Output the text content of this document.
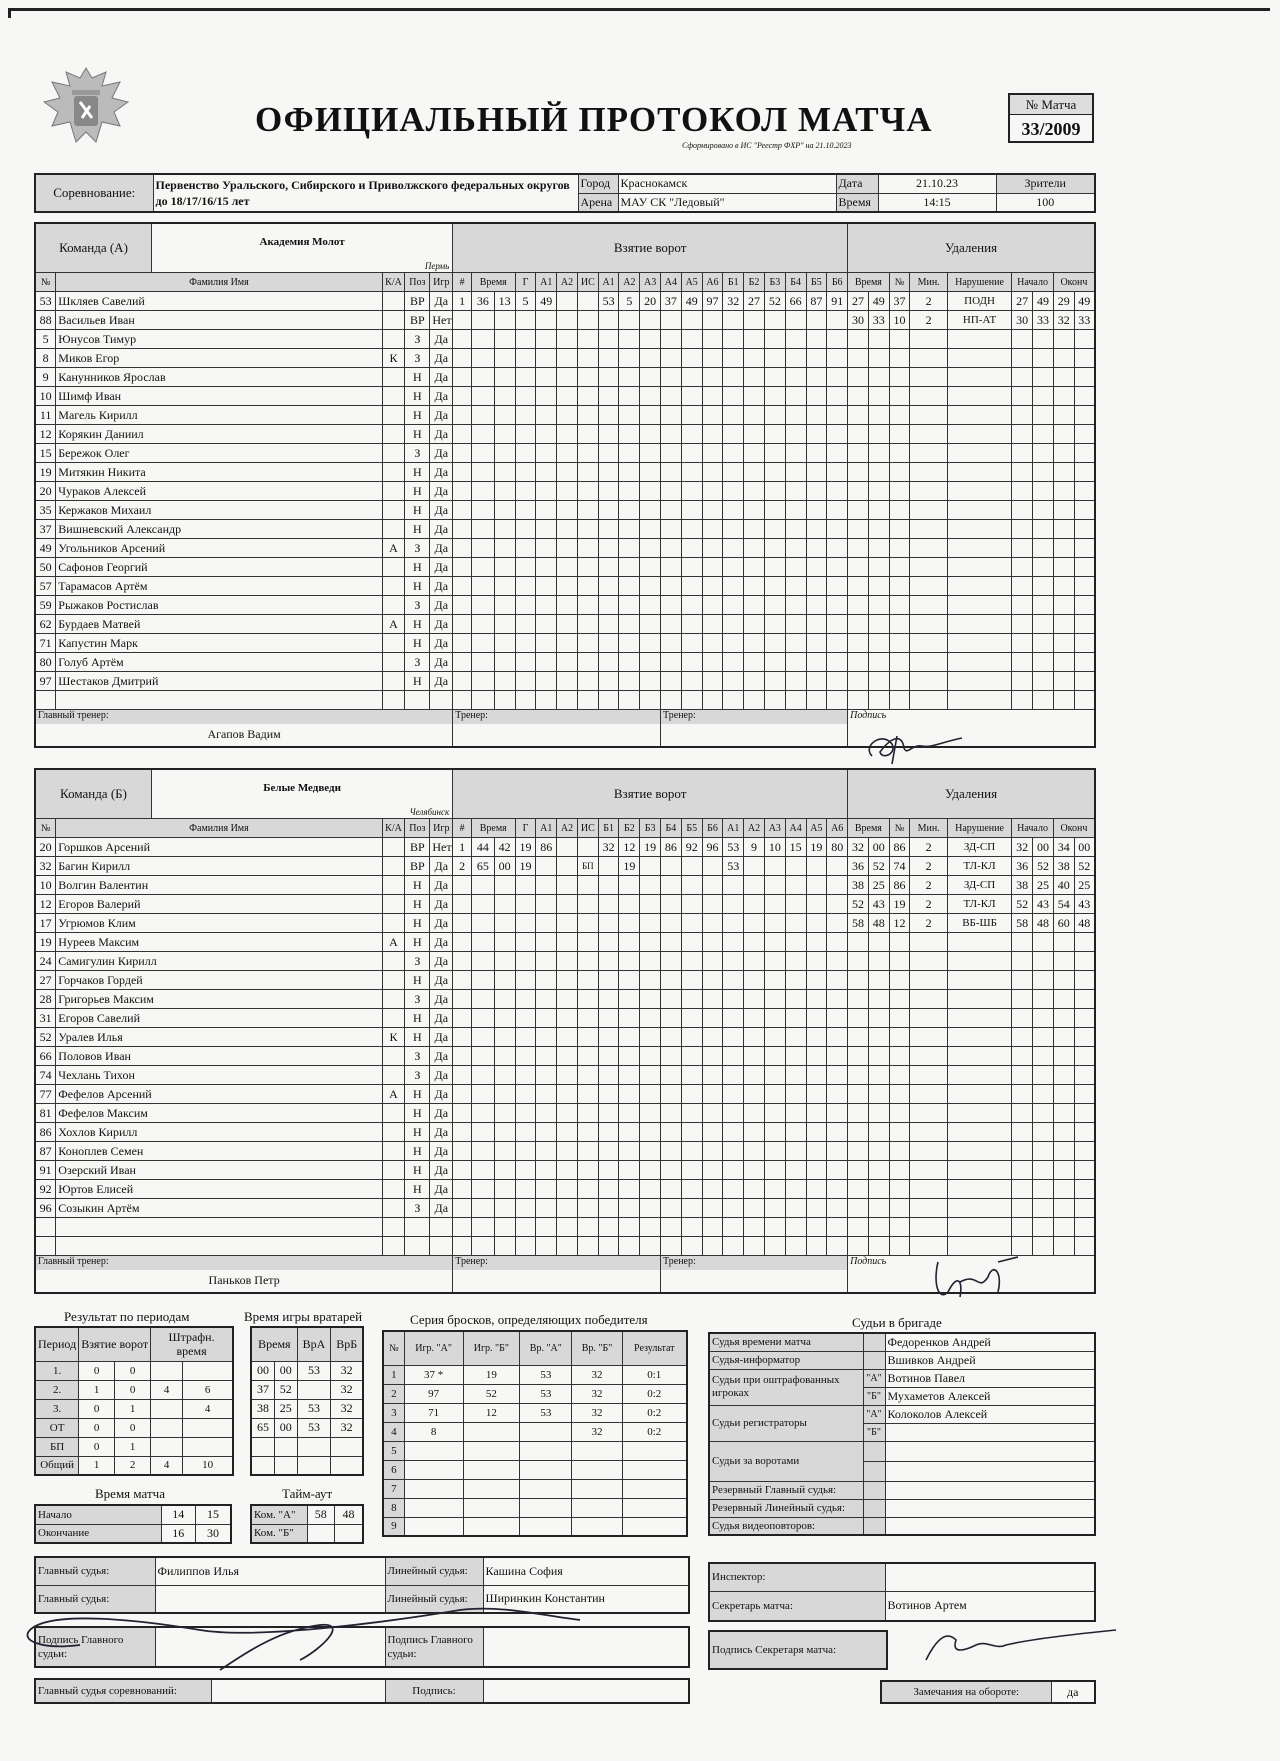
ОФИЦИАЛЬНЫЙ ПРОТОКОЛ МАТЧА
Сформировано в ИС "Реестр ФХР" на 21.10.2023
№ Матча
33/2009
Соревнование:	Первенство Уральского, Сибирского и Приволжского федеральных округов до 18/17/16/15 лет	Город	Краснокамск	Дата	21.10.23	Зрители
		Арена	МАУ СК "Ледовый"	Время	14:15	100
Команда (А) Академия Молот
Пермь					Взятие ворот																			Удаления								
№	Фамилия Имя	К/А	Поз	Игр	#	Время		Г	А1	А2	ИС	А1	А2	А3	А4	А5	А6	Б1	Б2	Б3	Б4	Б5	Б6	Время		№	Мин.	Нарушение	Начало		Оконч	
53	Шкляев Савелий		ВР	Да	1	36	13	5	49			53	5	20	37	49	97	32	27	52	66	87	91	27	49	37	2	ПОДН	27	49	29	49
88	Васильев Иван		ВР	Нет																				30	33	10	2	НП-АТ	30	33	32	33
5	Юнусов Тимур		З	Да																												
8	Миков Егор	К	З	Да																												
9	Канунников Ярослав		Н	Да																												
10	Шимф Иван		Н	Да																												
11	Магель Кирилл		Н	Да																												
12	Корякин Даниил		Н	Да																												
15	Бережок Олег		З	Да																												
19	Митякин Никита		Н	Да																												
20	Чураков Алексей		Н	Да																												
35	Кержаков Михаил		Н	Да																												
37	Вишневский Александр		Н	Да																												
49	Угольников Арсений	А	З	Да																												
50	Сафонов Георгий		Н	Да																												
57	Тарамасов Артём		Н	Да																												
59	Рыжаков Ростислав		З	Да																												
62	Бурдаев Матвей	А	Н	Да																												
71	Капустин Марк		Н	Да																												
80	Голуб Артём		З	Да																												
97	Шестаков Дмитрий		Н	Да																												

Главный тренер:
Агапов Вадим					Тренер:										Тренер:									Подпись								
Команда (Б) Белые Медведи
Челябинск					Взятие ворот																			Удаления								
№	Фамилия Имя	К/А	Поз	Игр	#	Время		Г	А1	А2	ИС	Б1	Б2	Б3	Б4	Б5	Б6	А1	А2	А3	А4	А5	А6	Время		№	Мин.	Нарушение	Начало		Оконч	
20	Горшков Арсений		ВР	Нет	1	44	42	19	86			32	12	19	86	92	96	53	9	10	15	19	80	32	00	86	2	ЗД-СП	32	00	34	00
32	Багин Кирилл		ВР	Да	2	65	00	19			БП		19					53						36	52	74	2	ТЛ-КЛ	36	52	38	52
10	Волгин Валентин		Н	Да																				38	25	86	2	ЗД-СП	38	25	40	25
12	Егоров Валерий		Н	Да																				52	43	19	2	ТЛ-КЛ	52	43	54	43
17	Угрюмов Клим		Н	Да																				58	48	12	2	ВБ-ШБ	58	48	60	48
19	Нуреев Максим	А	Н	Да																												
24	Самигулин Кирилл		З	Да																												
27	Горчаков Гордей		Н	Да																												
28	Григорьев Максим		З	Да																												
31	Егоров Савелий		Н	Да																												
52	Уралев Илья	К	Н	Да																												
66	Половов Иван		З	Да																												
74	Чехлань Тихон		З	Да																												
77	Фефелов Арсений	А	Н	Да																												
81	Фефелов Максим		Н	Да																												
86	Хохлов Кирилл		Н	Да																												
87	Коноплев Семен		Н	Да																												
91	Озерский Иван		Н	Да																												
92	Юртов Елисей		Н	Да																												
96	Созыкин Артём		З	Да																												

Главный тренер:
Паньков Петр					Тренер:										Тренер:									Подпись								
Результат по периодам
Период	Взятие ворот		Штрафн. время	
1.	0	0		
2.	1	0	4	6
3.	0	1		4
ОТ	0	0		
БП	0	1		
Общий	1	2	4	10
Время игры вратарей
Время		ВрА	ВрБ
00	00	53	32
37	52		32
38	25	53	32
65	00	53	32

Время матча
Начало	14	15
Окончание	16	30
Тайм-аут
Ком. "А"	58	48
Ком. "Б"		
Серия бросков, определяющих победителя
№	Игр. "А"	Игр. "Б"	Вр. "А"	Вр. "Б"	Результат
1	37 *	19	53	32	0:1
2	97	52	53	32	0:2
3	71	12	53	32	0:2
4	8			32	0:2
5					
6					
7					
8					
9					
Судьи в бригаде
Судья времени матча		Федоренков Андрей
Судья-информатор		Вшивков Андрей
Судьи при оштрафованных игроках	"А"	Вотинов Павел
	"Б"	Мухаметов Алексей
Судьи регистраторы	"А"	Колоколов Алексей
	"Б"	
Судьи за воротами		

Резервный Главный судья:		
Резервный Линейный судья:		
Судья видеоповторов:		
Инспектор:	
Секретарь матча:	Вотинов Артем
Подпись Секретаря матча:
Замечания на обороте:	да
Главный судья:	Филиппов Илья	Линейный судья:	Кашина София
Главный судья:		Линейный судья:	Ширинкин Константин
Подпись Главного судьи:		Подпись Главного судьи:	
Главный судья соревнований:		Подпись:	
